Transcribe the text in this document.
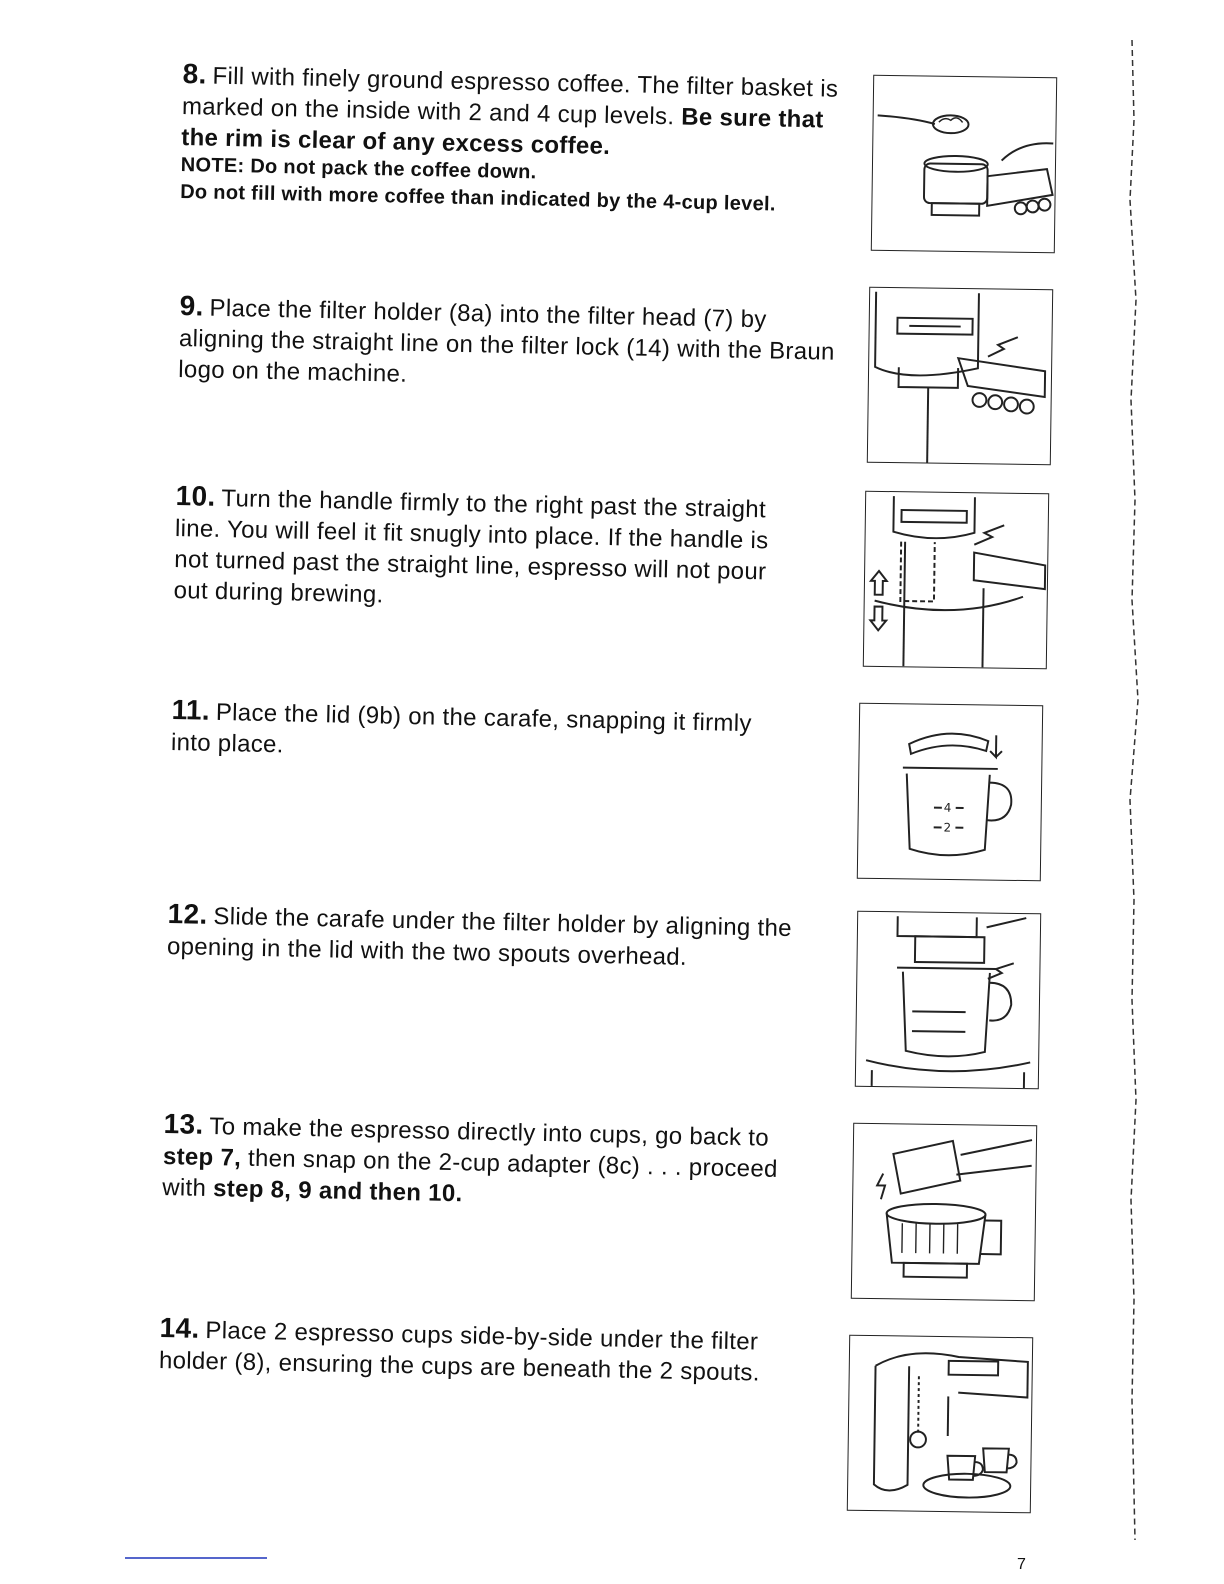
8. Fill with finely ground espresso coffee. The filter basket is marked on the inside with 2 and 4 cup levels. Be sure that the rim is clear of any excess coffee.

NOTE: Do not pack the coffee down.

Do not fill with more coffee than indicated by the 4-cup level.

9. Place the filter holder (8a) into the filter head (7) by aligning the straight line on the filter lock (14) with the Braun logo on the machine.

10. Turn the handle firmly to the right past the straight line. You will feel it fit snugly into place. If the handle is not turned past the straight line, espresso will not pour out during brewing.

11. Place the lid (9b) on the carafe, snapping it firmly into place.

12. Slide the carafe under the filter holder by aligning the opening in the lid with the two spouts overhead.

13. To make the espresso directly into cups, go back to step 7, then snap on the 2-cup adapter (8c) . . . proceed with step 8, 9 and then 10.

14. Place 2 espresso cups side-by-side under the filter holder (8), ensuring the cups are beneath the 2 spouts.

4
2
7
